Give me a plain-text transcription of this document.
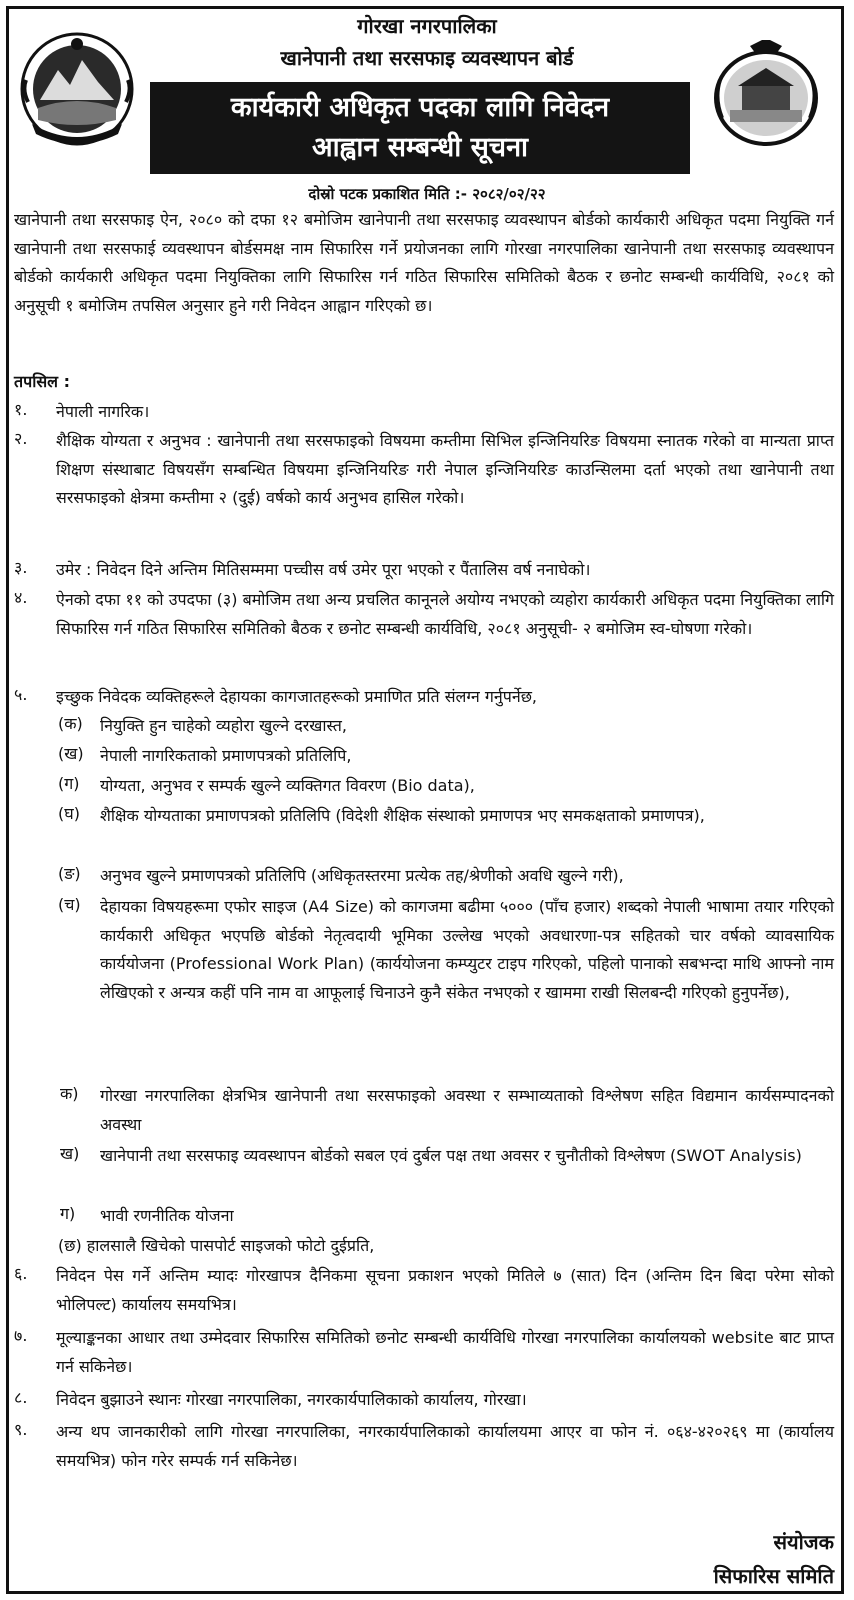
गोरखा नगरपालिका
खानेपानी तथा सरसफाइ व्यवस्थापन बोर्ड
कार्यकारी अधिकृत पदका लागि निवेदन
आह्वान सम्बन्धी सूचना
दोस्रो पटक प्रकाशित मिति :- २०८२/०२/२२
खानेपानी तथा सरसफाइ ऐन, २०८० को दफा १२ बमोजिम खानेपानी तथा सरसफाइ व्यवस्थापन बोर्डको कार्यकारी अधिकृत पदमा नियुक्ति गर्न खानेपानी तथा सरसफाई व्यवस्थापन बोर्डसमक्ष नाम सिफारिस गर्ने प्रयोजनका लागि गोरखा नगरपालिका खानेपानी तथा सरसफाइ व्यवस्थापन बोर्डको कार्यकारी अधिकृत पदमा नियुक्तिका लागि सिफारिस गर्न गठित सिफारिस समितिको बैठक र छनोट सम्बन्धी कार्यविधि, २०८१ को अनुसूची १ बमोजिम तपसिल अनुसार हुने गरी निवेदन आह्वान गरिएको छ।
तपसिल :
१. नेपाली नागरिक।
२. शैक्षिक योग्यता र अनुभव : खानेपानी तथा सरसफाइको विषयमा कम्तीमा सिभिल इन्जिनियरिङ विषयमा स्नातक गरेको वा मान्यता प्राप्त शिक्षण संस्थाबाट विषयसँग सम्बन्धित विषयमा इन्जिनियरिङ गरी नेपाल इन्जिनियरिङ काउन्सिलमा दर्ता भएको तथा खानेपानी तथा सरसफाइको क्षेत्रमा कम्तीमा २ (दुई) वर्षको कार्य अनुभव हासिल गरेको।
३. उमेर : निवेदन दिने अन्तिम मितिसम्ममा पच्चीस वर्ष उमेर पूरा भएको र पैंतालिस वर्ष ननाघेको।
४. ऐनको दफा ११ को उपदफा (३) बमोजिम तथा अन्य प्रचलित कानूनले अयोग्य नभएको व्यहोरा कार्यकारी अधिकृत पदमा नियुक्तिका लागि सिफारिस गर्न गठित सिफारिस समितिको बैठक र छनोट सम्बन्धी कार्यविधि, २०८१ अनुसूची- २ बमोजिम स्व-घोषणा गरेको।
५. इच्छुक निवेदक व्यक्तिहरूले देहायका कागजातहरूको प्रमाणित प्रति संलग्न गर्नुपर्नेछ,
(क) नियुक्ति हुन चाहेको व्यहोरा खुल्ने दरखास्त,
(ख) नेपाली नागरिकताको प्रमाणपत्रको प्रतिलिपि,
(ग) योग्यता, अनुभव र सम्पर्क खुल्ने व्यक्तिगत विवरण (Bio data),
(घ) शैक्षिक योग्यताका प्रमाणपत्रको प्रतिलिपि (विदेशी शैक्षिक संस्थाको प्रमाणपत्र भए समकक्षताको प्रमाणपत्र),
(ङ) अनुभव खुल्ने प्रमाणपत्रको प्रतिलिपि (अधिकृतस्तरमा प्रत्येक तह/श्रेणीको अवधि खुल्ने गरी),
(च) देहायका विषयहरूमा एफोर साइज (A4 Size) को कागजमा बढीमा ५००० (पाँच हजार) शब्दको नेपाली भाषामा तयार गरिएको कार्यकारी अधिकृत भएपछि बोर्डको नेतृत्वदायी भूमिका उल्लेख भएको अवधारणा-पत्र सहितको चार वर्षको व्यावसायिक कार्ययोजना (Professional Work Plan) (कार्ययोजना कम्प्युटर टाइप गरिएको, पहिलो पानाको सबभन्दा माथि आफ्नो नाम लेखिएको र अन्यत्र कहीं पनि नाम वा आफूलाई चिनाउने कुनै संकेत नभएको र खाममा राखी सिलबन्दी गरिएको हुनुपर्नेछ),
क) गोरखा नगरपालिका क्षेत्रभित्र खानेपानी तथा सरसफाइको अवस्था र सम्भाव्यताको विश्लेषण सहित विद्यमान कार्यसम्पादनको अवस्था
ख) खानेपानी तथा सरसफाइ व्यवस्थापन बोर्डको सबल एवं दुर्बल पक्ष तथा अवसर र चुनौतीको विश्लेषण (SWOT Analysis)
ग) भावी रणनीतिक योजना
(छ) हालसालै खिचेको पासपोर्ट साइजको फोटो दुईप्रति,
६. निवेदन पेस गर्ने अन्तिम म्यादः गोरखापत्र दैनिकमा सूचना प्रकाशन भएको मितिले ७ (सात) दिन (अन्तिम दिन बिदा परेमा सोको भोलिपल्ट) कार्यालय समयभित्र।
७. मूल्याङ्कनका आधार तथा उम्मेदवार सिफारिस समितिको छनोट सम्बन्धी कार्यविधि गोरखा नगरपालिका कार्यालयको website बाट प्राप्त गर्न सकिनेछ।
८. निवेदन बुझाउने स्थानः गोरखा नगरपालिका, नगरकार्यपालिकाको कार्यालय, गोरखा।
९. अन्य थप जानकारीको लागि गोरखा नगरपालिका, नगरकार्यपालिकाको कार्यालयमा आएर वा फोन नं. ०६४-४२०२६९ मा (कार्यालय समयभित्र) फोन गरेर सम्पर्क गर्न सकिनेछ।
संयोजक
सिफारिस समिति
